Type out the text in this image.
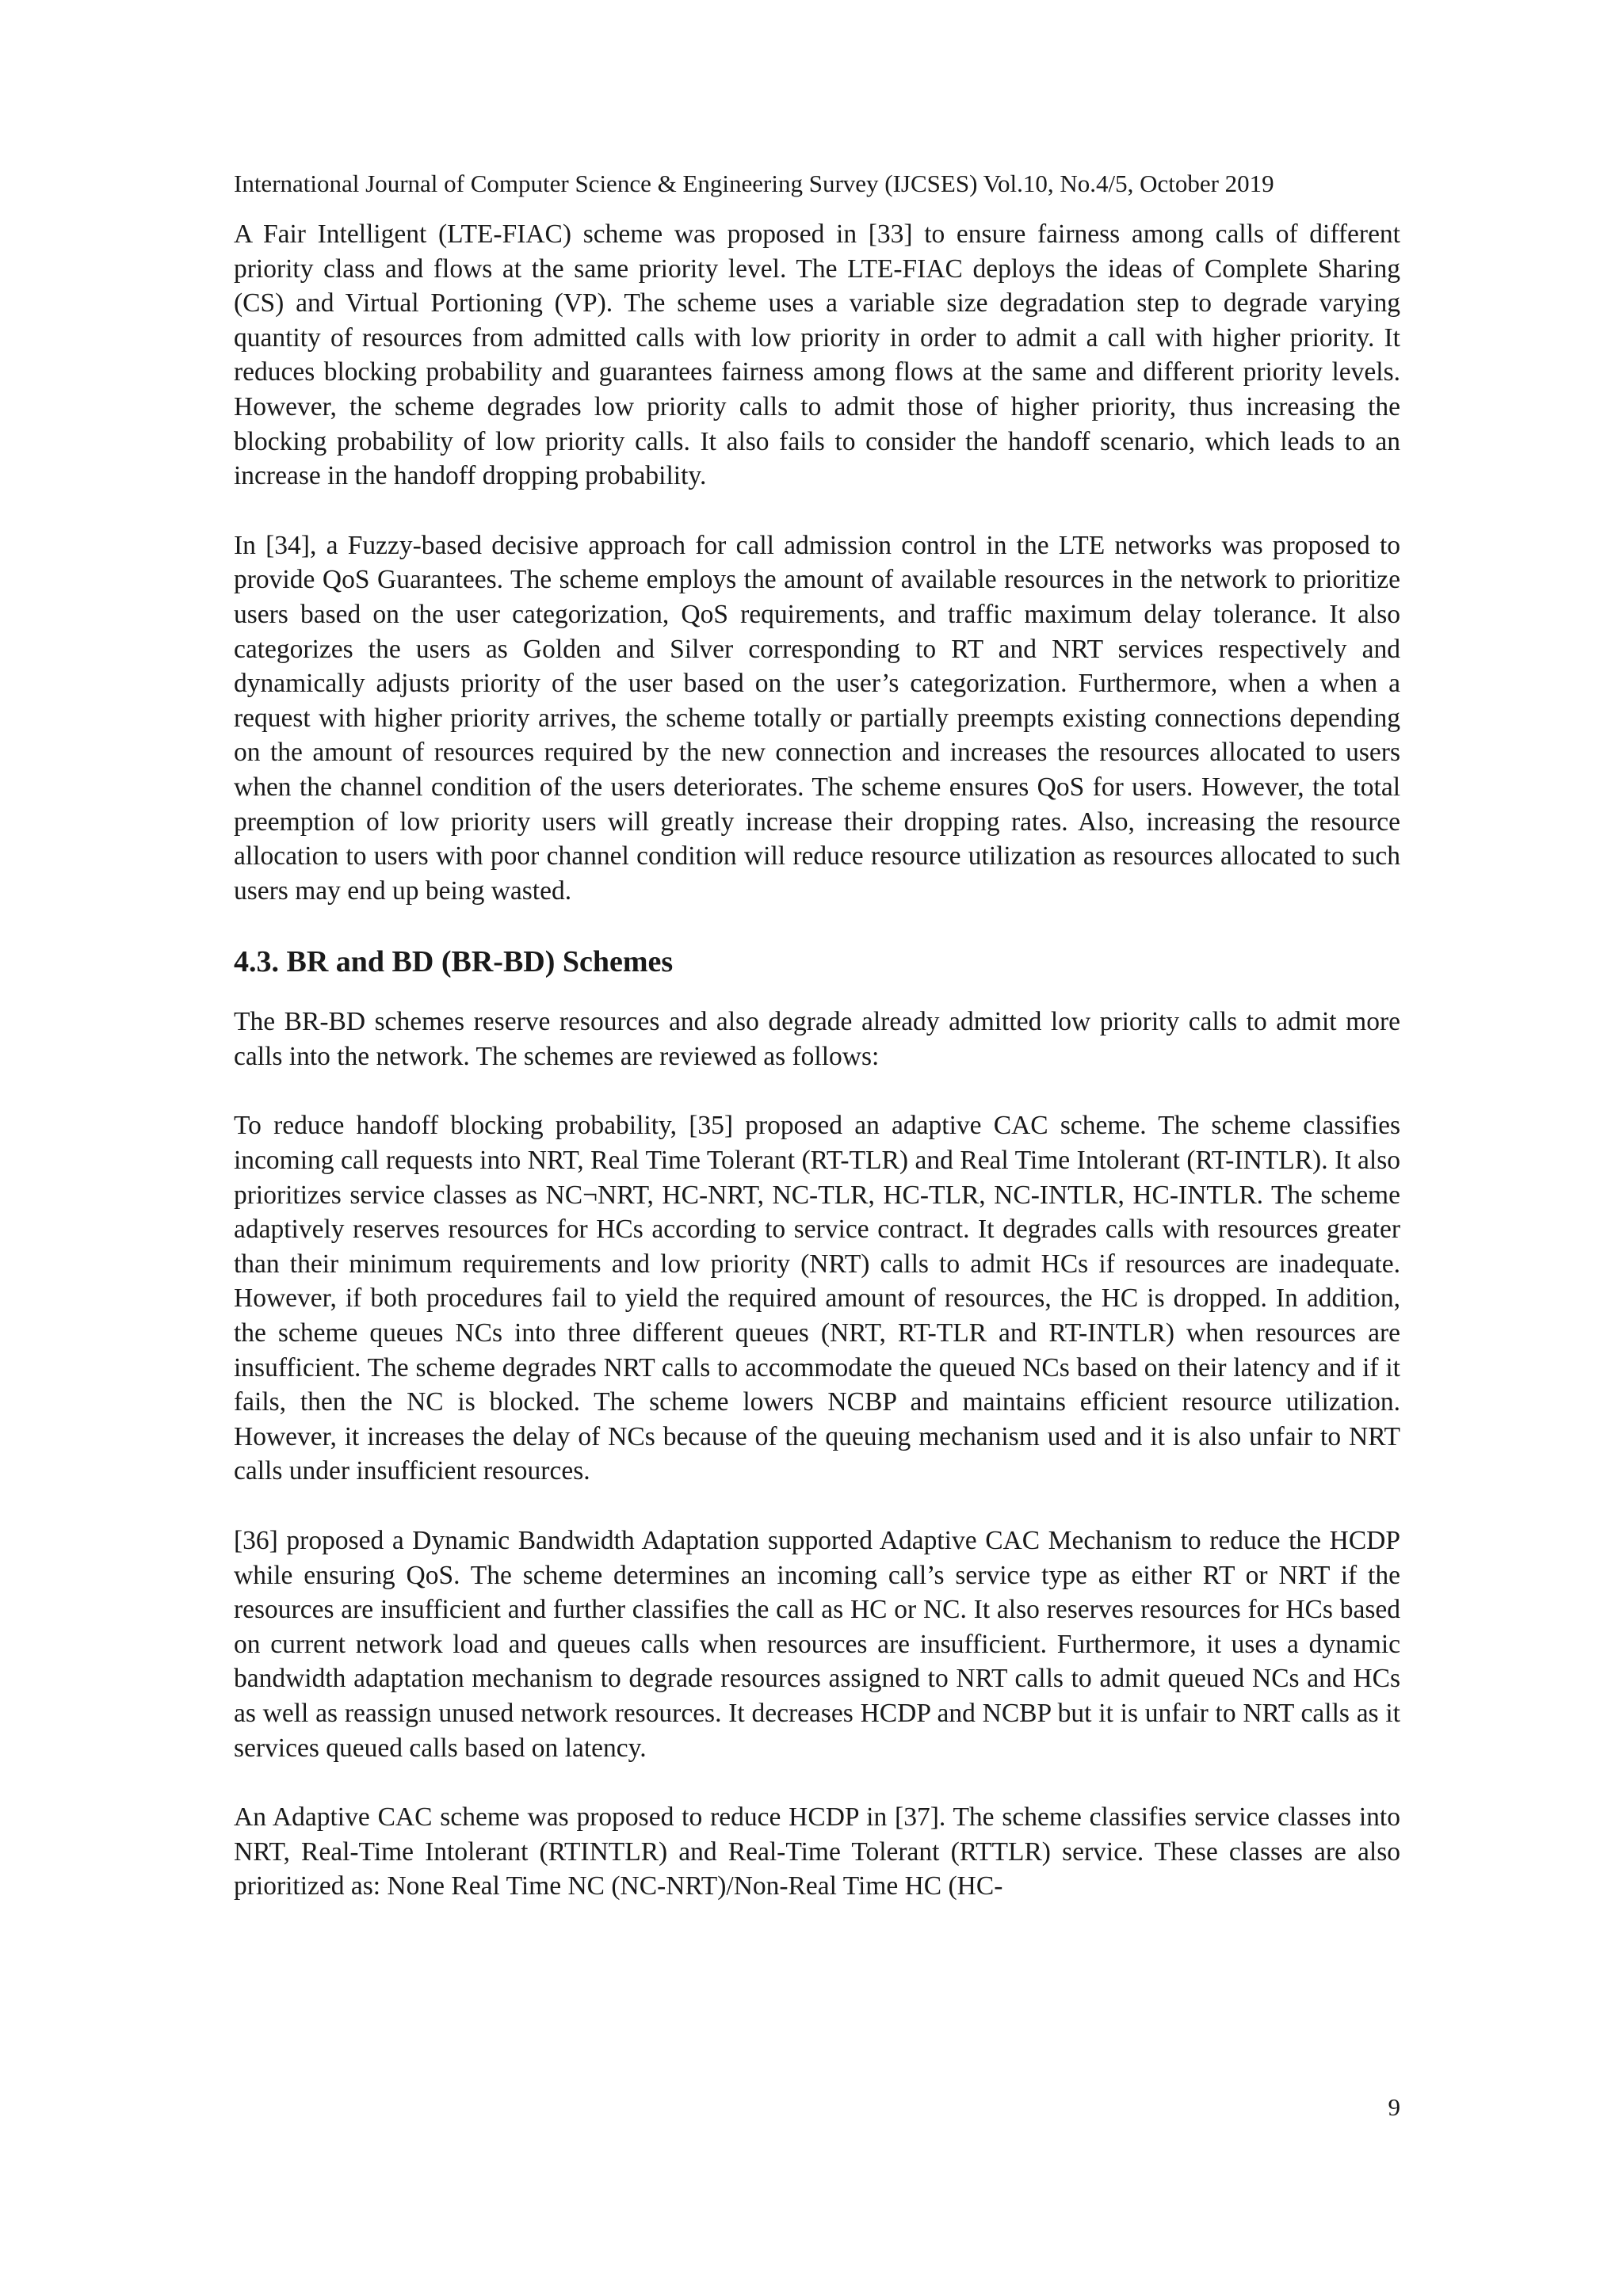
International Journal of Computer Science & Engineering Survey (IJCSES) Vol.10, No.4/5, October 2019

A Fair Intelligent (LTE-FIAC) scheme was proposed in [33] to ensure fairness among calls of different priority class and flows at the same priority level. The LTE-FIAC deploys the ideas of Complete Sharing (CS) and Virtual Portioning (VP). The scheme uses a variable size degradation step to degrade varying quantity of resources from admitted calls with low priority in order to admit a call with higher priority. It reduces blocking probability and guarantees fairness among flows at the same and different priority levels. However, the scheme degrades low priority calls to admit those of higher priority, thus increasing the blocking probability of low priority calls. It also fails to consider the handoff scenario, which leads to an increase in the handoff dropping probability.

In [34], a Fuzzy-based decisive approach for call admission control in the LTE networks was proposed to provide QoS Guarantees. The scheme employs the amount of available resources in the network to prioritize users based on the user categorization, QoS requirements, and traffic maximum delay tolerance. It also categorizes the users as Golden and Silver corresponding to RT and NRT services respectively and dynamically adjusts priority of the user based on the user’s categorization. Furthermore, when a when a request with higher priority arrives, the scheme totally or partially preempts existing connections depending on the amount of resources required by the new connection and increases the resources allocated to users when the channel condition of the users deteriorates. The scheme ensures QoS for users. However, the total preemption of low priority users will greatly increase their dropping rates. Also, increasing the resource allocation to users with poor channel condition will reduce resource utilization as resources allocated to such users may end up being wasted.

4.3. BR and BD (BR-BD) Schemes

The BR-BD schemes reserve resources and also degrade already admitted low priority calls to admit more calls into the network. The schemes are reviewed as follows:

To reduce handoff blocking probability, [35] proposed an adaptive CAC scheme. The scheme classifies incoming call requests into NRT, Real Time Tolerant (RT-TLR) and Real Time Intolerant (RT-INTLR). It also prioritizes service classes as NC¬NRT, HC-NRT, NC-TLR, HC-TLR, NC-INTLR, HC-INTLR. The scheme adaptively reserves resources for HCs according to service contract. It degrades calls with resources greater than their minimum requirements and low priority (NRT) calls to admit HCs if resources are inadequate. However, if both procedures fail to yield the required amount of resources, the HC is dropped. In addition, the scheme queues NCs into three different queues (NRT, RT-TLR and RT-INTLR) when resources are insufficient. The scheme degrades NRT calls to accommodate the queued NCs based on their latency and if it fails, then the NC is blocked. The scheme lowers NCBP and maintains efficient resource utilization. However, it increases the delay of NCs because of the queuing mechanism used and it is also unfair to NRT calls under insufficient resources.

[36] proposed a Dynamic Bandwidth Adaptation supported Adaptive CAC Mechanism to reduce the HCDP while ensuring QoS. The scheme determines an incoming call’s service type as either RT or NRT if the resources are insufficient and further classifies the call as HC or NC. It also reserves resources for HCs based on current network load and queues calls when resources are insufficient. Furthermore, it uses a dynamic bandwidth adaptation mechanism to degrade resources assigned to NRT calls to admit queued NCs and HCs as well as reassign unused network resources. It decreases HCDP and NCBP but it is unfair to NRT calls as it services queued calls based on latency.

An Adaptive CAC scheme was proposed to reduce HCDP in [37]. The scheme classifies service classes into NRT, Real-Time Intolerant (RTINTLR) and Real-Time Tolerant (RTTLR) service. These classes are also prioritized as: None Real Time NC (NC-NRT)/Non-Real Time HC (HC-

9
